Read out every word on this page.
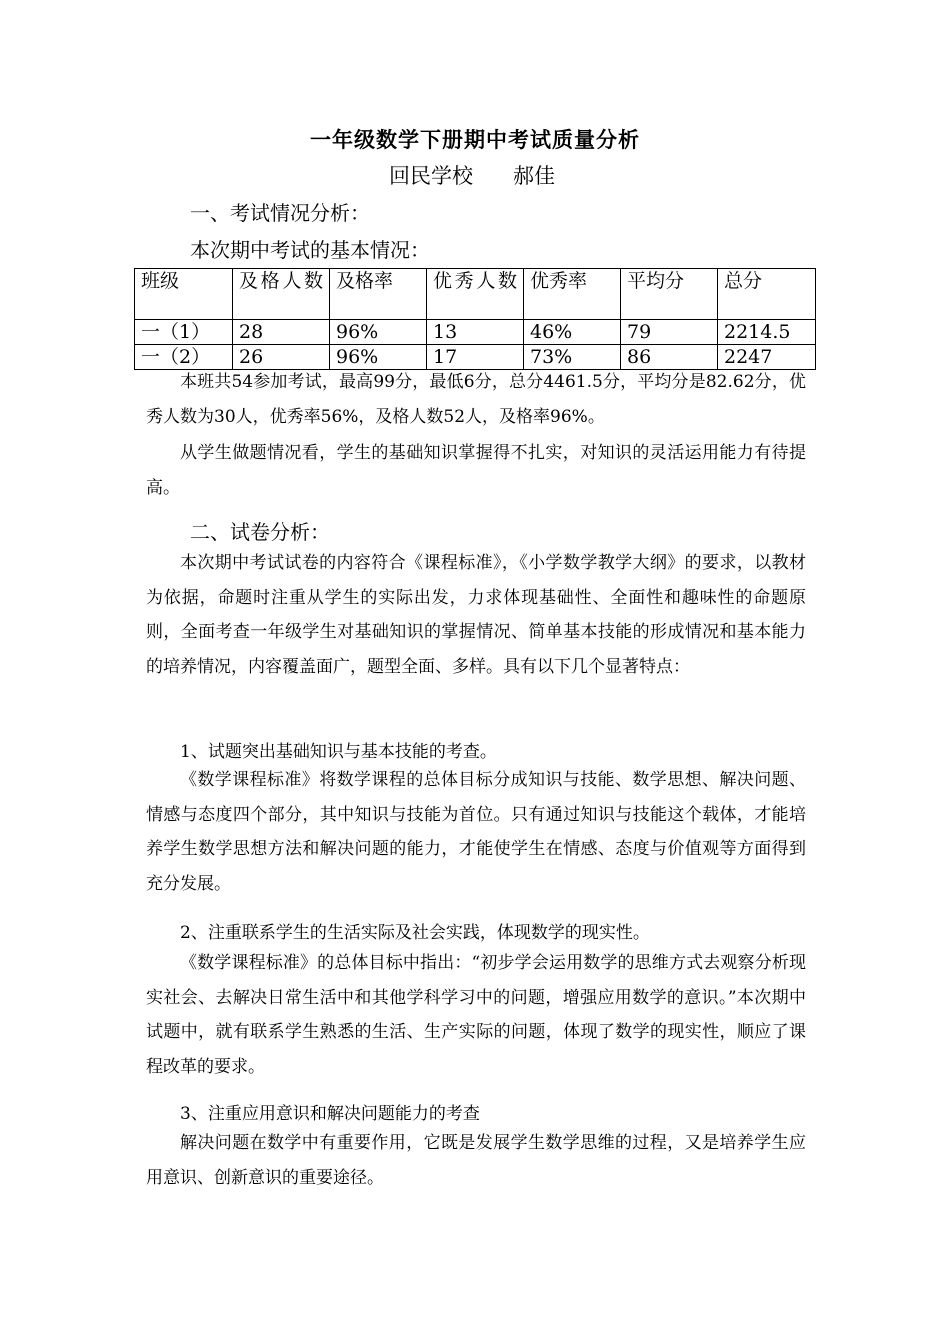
一年级数学下册期中考试质量分析
回民学校      郝佳
一、考试情况分析：
本次期中考试的基本情况：
班级	及格人数	及格率	优秀人数	优秀率	平均分	总分
一（1）	28	96%	13	46%	79	2214.5
一（2）	26	96%	17	73%	86	2247

本班共54参加考试，最高99分，最低6分，总分4461.5分，平均分是82.62分，优秀人数为30人，优秀率56%，及格人数52人，及格率96%。

从学生做题情况看，学生的基础知识掌握得不扎实，对知识的灵活运用能力有待提高。

二、试卷分析：

本次期中考试试卷的内容符合《课程标准》，《小学数学教学大纲》的要求，以教材为依据，命题时注重从学生的实际出发，力求体现基础性、全面性和趣味性的命题原则，全面考查一年级学生对基础知识的掌握情况、简单基本技能的形成情况和基本能力的培养情况，内容覆盖面广，题型全面、多样。具有以下几个显著特点：

1、试题突出基础知识与基本技能的考查。

《数学课程标准》将数学课程的总体目标分成知识与技能、数学思想、解决问题、情感与态度四个部分，其中知识与技能为首位。只有通过知识与技能这个载体，才能培养学生数学思想方法和解决问题的能力，才能使学生在情感、态度与价值观等方面得到充分发展。

2、注重联系学生的生活实际及社会实践，体现数学的现实性。

《数学课程标准》的总体目标中指出：“初步学会运用数学的思维方式去观察分析现实社会、去解决日常生活中和其他学科学习中的问题，增强应用数学的意识。”本次期中试题中，就有联系学生熟悉的生活、生产实际的问题，体现了数学的现实性，顺应了课程改革的要求。

3、注重应用意识和解决问题能力的考查

解决问题在数学中有重要作用，它既是发展学生数学思维的过程，又是培养学生应用意识、创新意识的重要途径。
